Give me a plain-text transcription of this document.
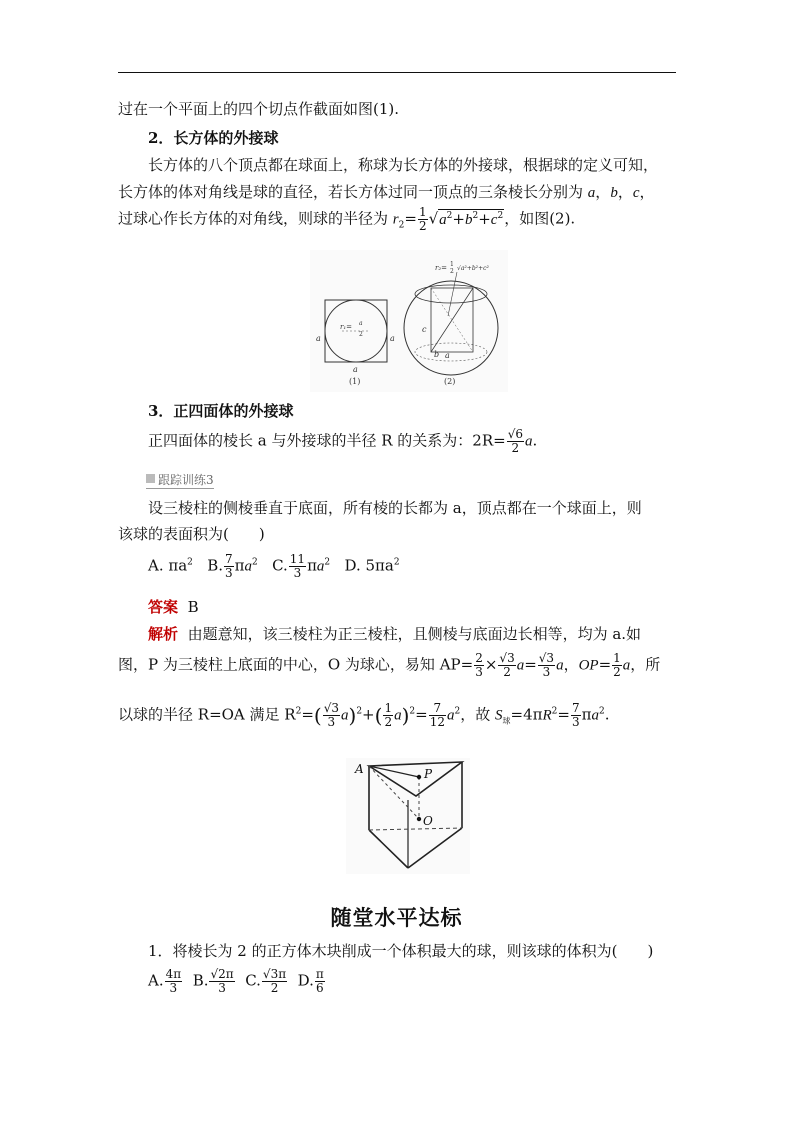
过在一个平面上的四个切点作截面如图(1).
2．长方体的外接球
长方体的八个顶点都在球面上，称球为长方体的外接球，根据球的定义可知，
长方体的体对角线是球的直径，若长方体过同一顶点的三条棱长分别为 a，b，c，
过球心作长方体的对角线，则球的半径为 $r_2= \frac{1}{2} √a^2+b^2+c^2$，如图(2).
r₁= a
2
a	a
a
(1)
r₂= 1
2 √a²+b²+c²
c
b a
(2)
3．正四面体的外接球
正四面体的棱长 a 与外接球的半径 R 的关系为：$2R= \frac{√6}{2} a$.
跟踪训练3
设三棱柱的侧棱垂直于底面，所有棱的长都为 a，顶点都在一个球面上，则
该球的表面积为(　　)
A. $\pi a^2$ B. $\frac{7}{3} \pi a^2$ C. $\frac{11}{3} \pi a^2$ D. $5\pi a^2$
答案 B
解析 由题意知，该三棱柱为正三棱柱，且侧棱与底面边长相等，均为 a.如
图，P 为三棱柱上底面的中心，O 为球心，易知 $AP= \frac{2}{3} \times \frac{√3}{2} a= \frac{√3}{3}$ a，$OP= \frac{1}{2}$ a，所
以球的半径 R=OA 满足 $R^2=( \frac{√3}{3} a)^2+( \frac{1}{2} a)^2= \frac{7}{12} a^2$，故 $S_球=4\pi R^2= \frac{7}{3} \pi a^2$.
A	P
O
随堂水平达标
1．将棱长为 2 的正方体木块削成一个体积最大的球，则该球的体积为(　　)
A. $\frac{4\pi}{3} B$. $\frac{√2\pi}{3} C$. $\frac{√3\pi}{2} D$. $\frac{\pi}{6}$
